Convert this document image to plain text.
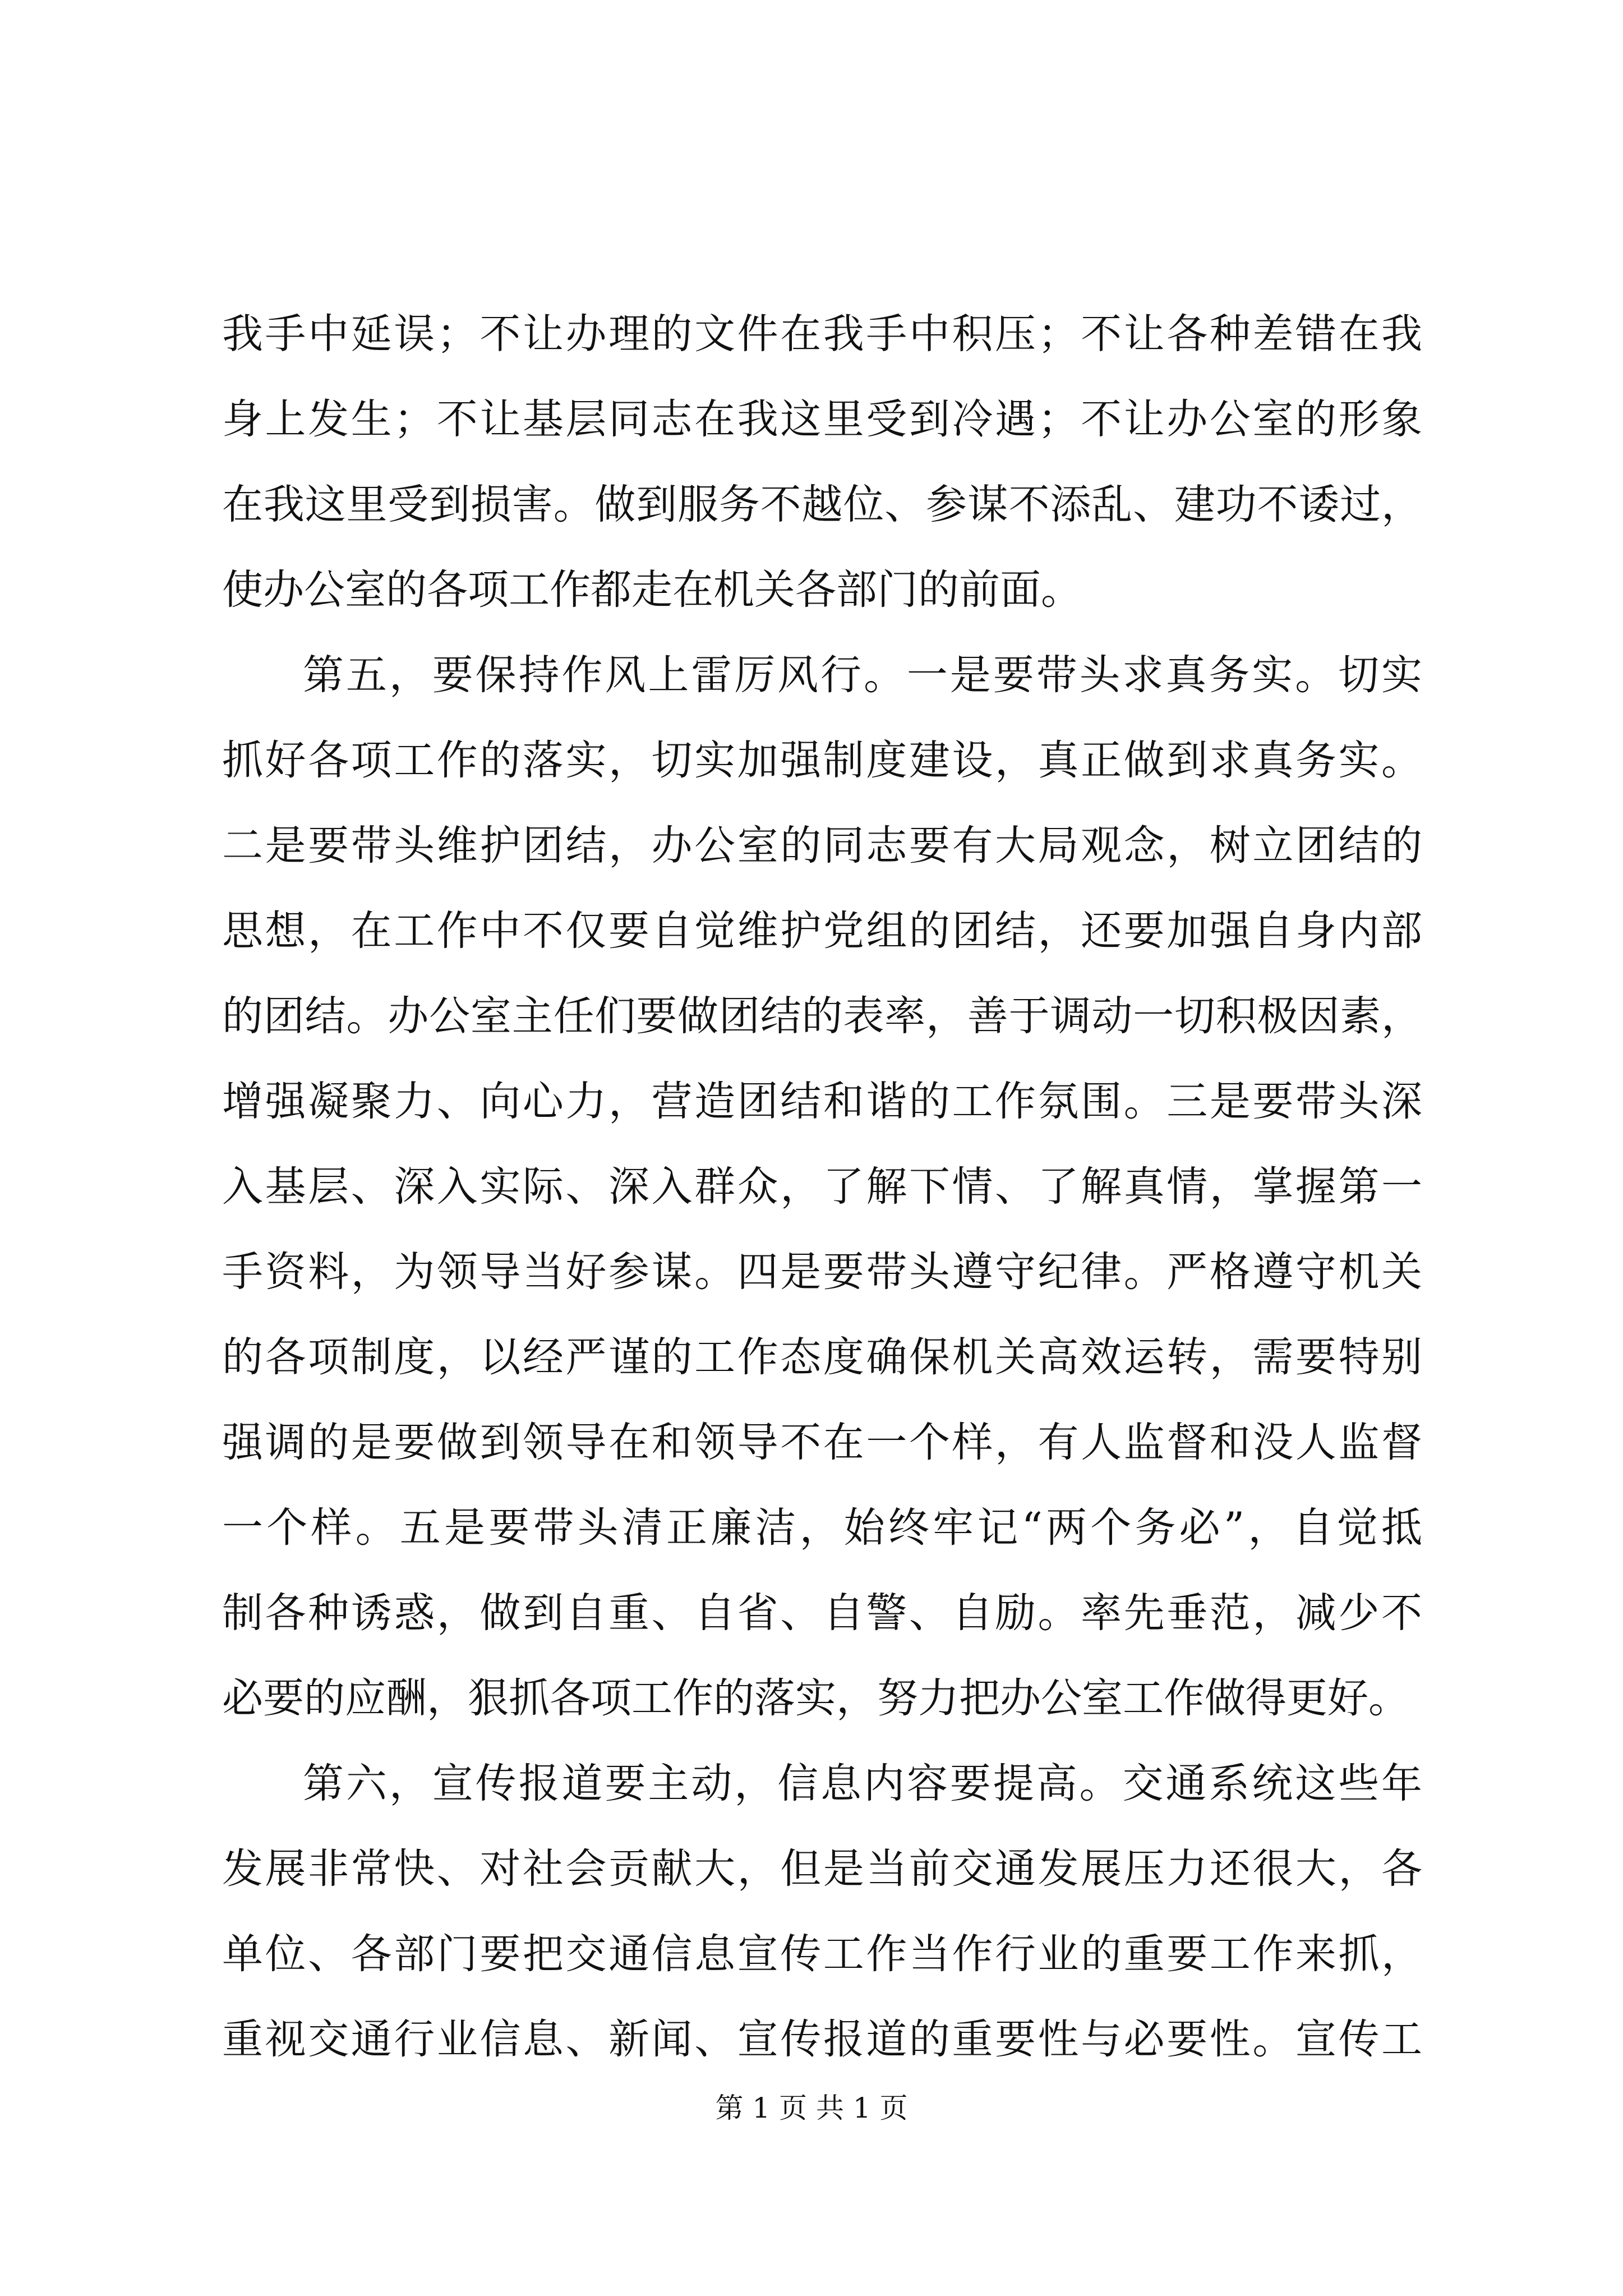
我手中延误；不让办理的文件在我手中积压；不让各种差错在我
身上发生；不让基层同志在我这里受到冷遇；不让办公室的形象
在我这里受到损害。做到服务不越位、参谋不添乱、建功不诿过，
使办公室的各项工作都走在机关各部门的前面。
第五，要保持作风上雷厉风行。一是要带头求真务实。切实
抓好各项工作的落实，切实加强制度建设，真正做到求真务实。
二是要带头维护团结，办公室的同志要有大局观念，树立团结的
思想，在工作中不仅要自觉维护党组的团结，还要加强自身内部
的团结。办公室主任们要做团结的表率，善于调动一切积极因素，
增强凝聚力、向心力，营造团结和谐的工作氛围。三是要带头深
入基层、深入实际、深入群众，了解下情、了解真情，掌握第一
手资料，为领导当好参谋。四是要带头遵守纪律。严格遵守机关
的各项制度，以经严谨的工作态度确保机关高效运转，需要特别
强调的是要做到领导在和领导不在一个样，有人监督和没人监督
一个样。五是要带头清正廉洁，始终牢记“两个务必”，自觉抵
制各种诱惑，做到自重、自省、自警、自励。率先垂范，减少不
必要的应酬，狠抓各项工作的落实，努力把办公室工作做得更好。
第六，宣传报道要主动，信息内容要提高。交通系统这些年
发展非常快、对社会贡献大，但是当前交通发展压力还很大，各
单位、各部门要把交通信息宣传工作当作行业的重要工作来抓，
重视交通行业信息、新闻、宣传报道的重要性与必要性。宣传工
第 1 页 共 1 页
